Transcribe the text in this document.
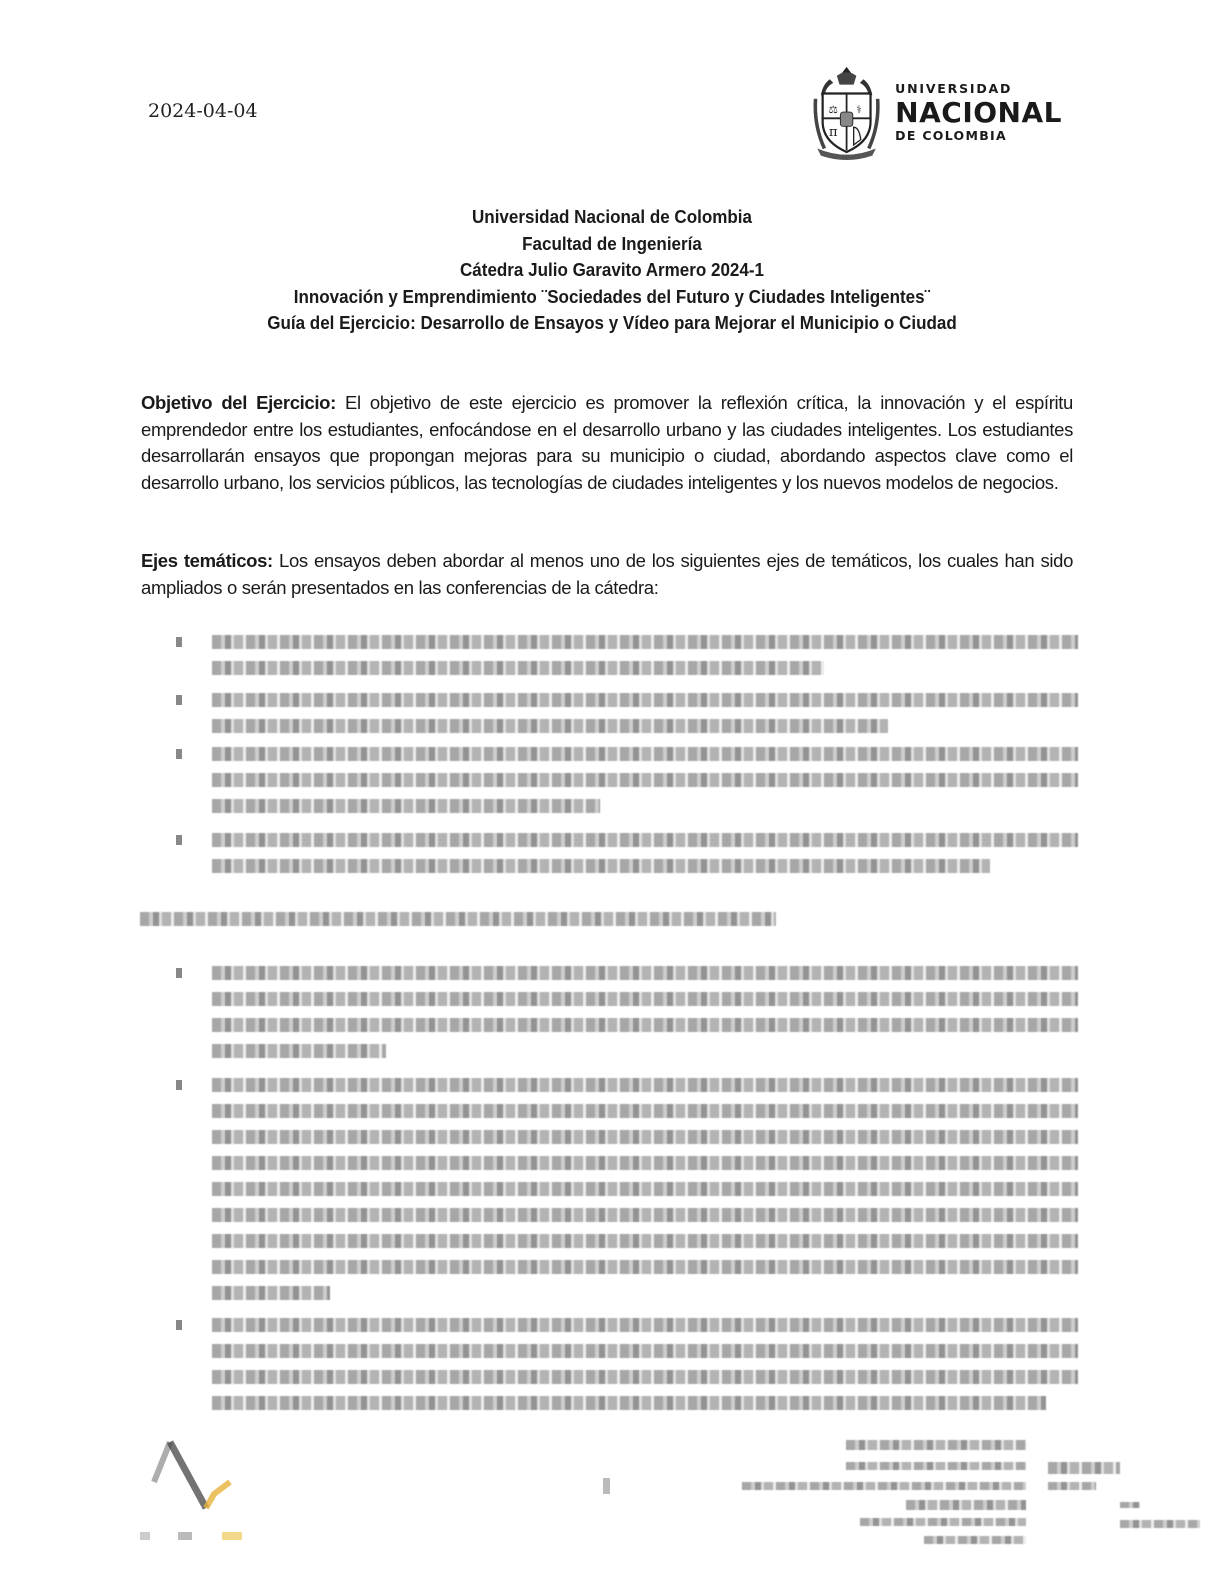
2024-04-04	⚖ ⚕
π
UNIVERSIDAD
NACIONAL
DE COLOMBIA
Universidad Nacional de Colombia
Facultad de Ingeniería
Cátedra Julio Garavito Armero 2024-1
Innovación y Emprendimiento ¨Sociedades del Futuro y Ciudades Inteligentes¨
Guía del Ejercicio: Desarrollo de Ensayos y Vídeo para Mejorar el Municipio o Ciudad
Objetivo del Ejercicio: El objetivo de este ejercicio es promover la reflexión crítica, la innovación y el espíritu emprendedor entre los estudiantes, enfocándose en el desarrollo urbano y las ciudades inteligentes. Los estudiantes desarrollarán ensayos que propongan mejoras para su municipio o ciudad, abordando aspectos clave como el desarrollo urbano, los servicios públicos, las tecnologías de ciudades inteligentes y los nuevos modelos de negocios.
Ejes temáticos: Los ensayos deben abordar al menos uno de los siguientes ejes de temáticos, los cuales han sido ampliados o serán presentados en las conferencias de la cátedra:
